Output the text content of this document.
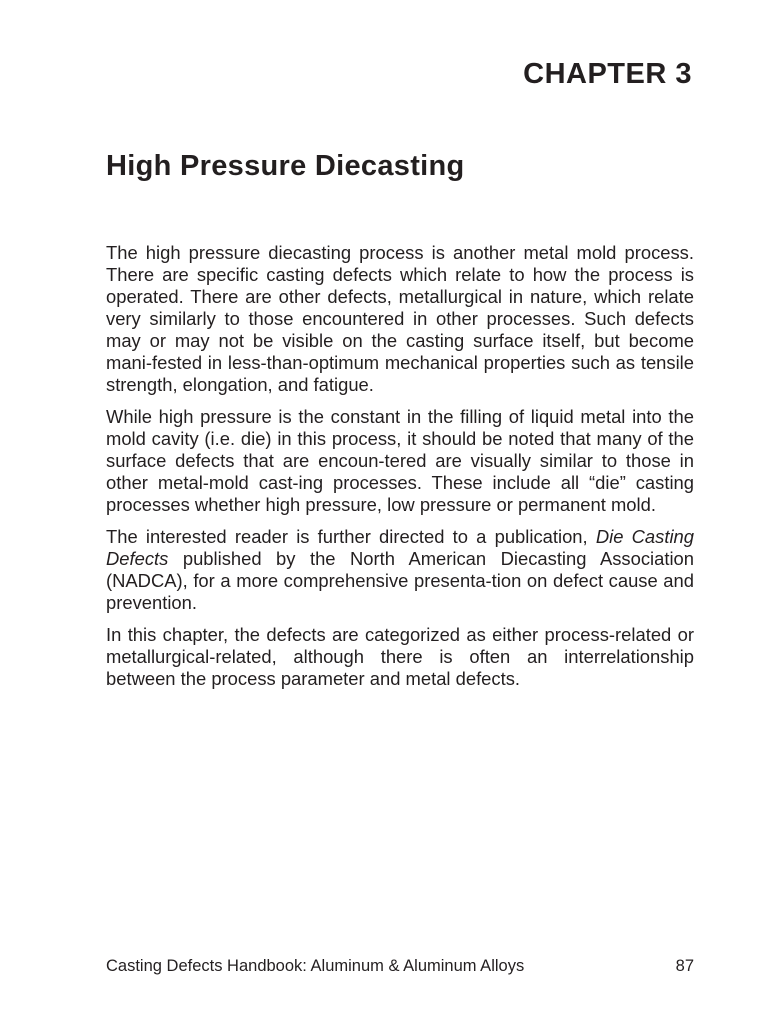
CHAPTER 3
High Pressure Diecasting

The high pressure diecasting process is another metal mold process. There are specific casting defects which relate to how the process is operated. There are other defects, metallurgical in nature, which relate very similarly to those encountered in other processes. Such defects may or may not be visible on the casting surface itself, but become mani-fested in less-than-optimum mechanical properties such as tensile strength, elongation, and fatigue.

While high pressure is the constant in the filling of liquid metal into the mold cavity (i.e. die) in this process, it should be noted that many of the surface defects that are encoun-tered are visually similar to those in other metal-mold cast-ing processes. These include all “die” casting processes whether high pressure, low pressure or permanent mold.

The interested reader is further directed to a publication, Die Casting Defects published by the North American Diecasting Association (NADCA), for a more comprehensive presenta-tion on defect cause and prevention.

In this chapter, the defects are categorized as either process-related or metallurgical-related, although there is often an interrelationship between the process parameter and metal defects.

Casting Defects Handbook: Aluminum & Aluminum Alloys	87
